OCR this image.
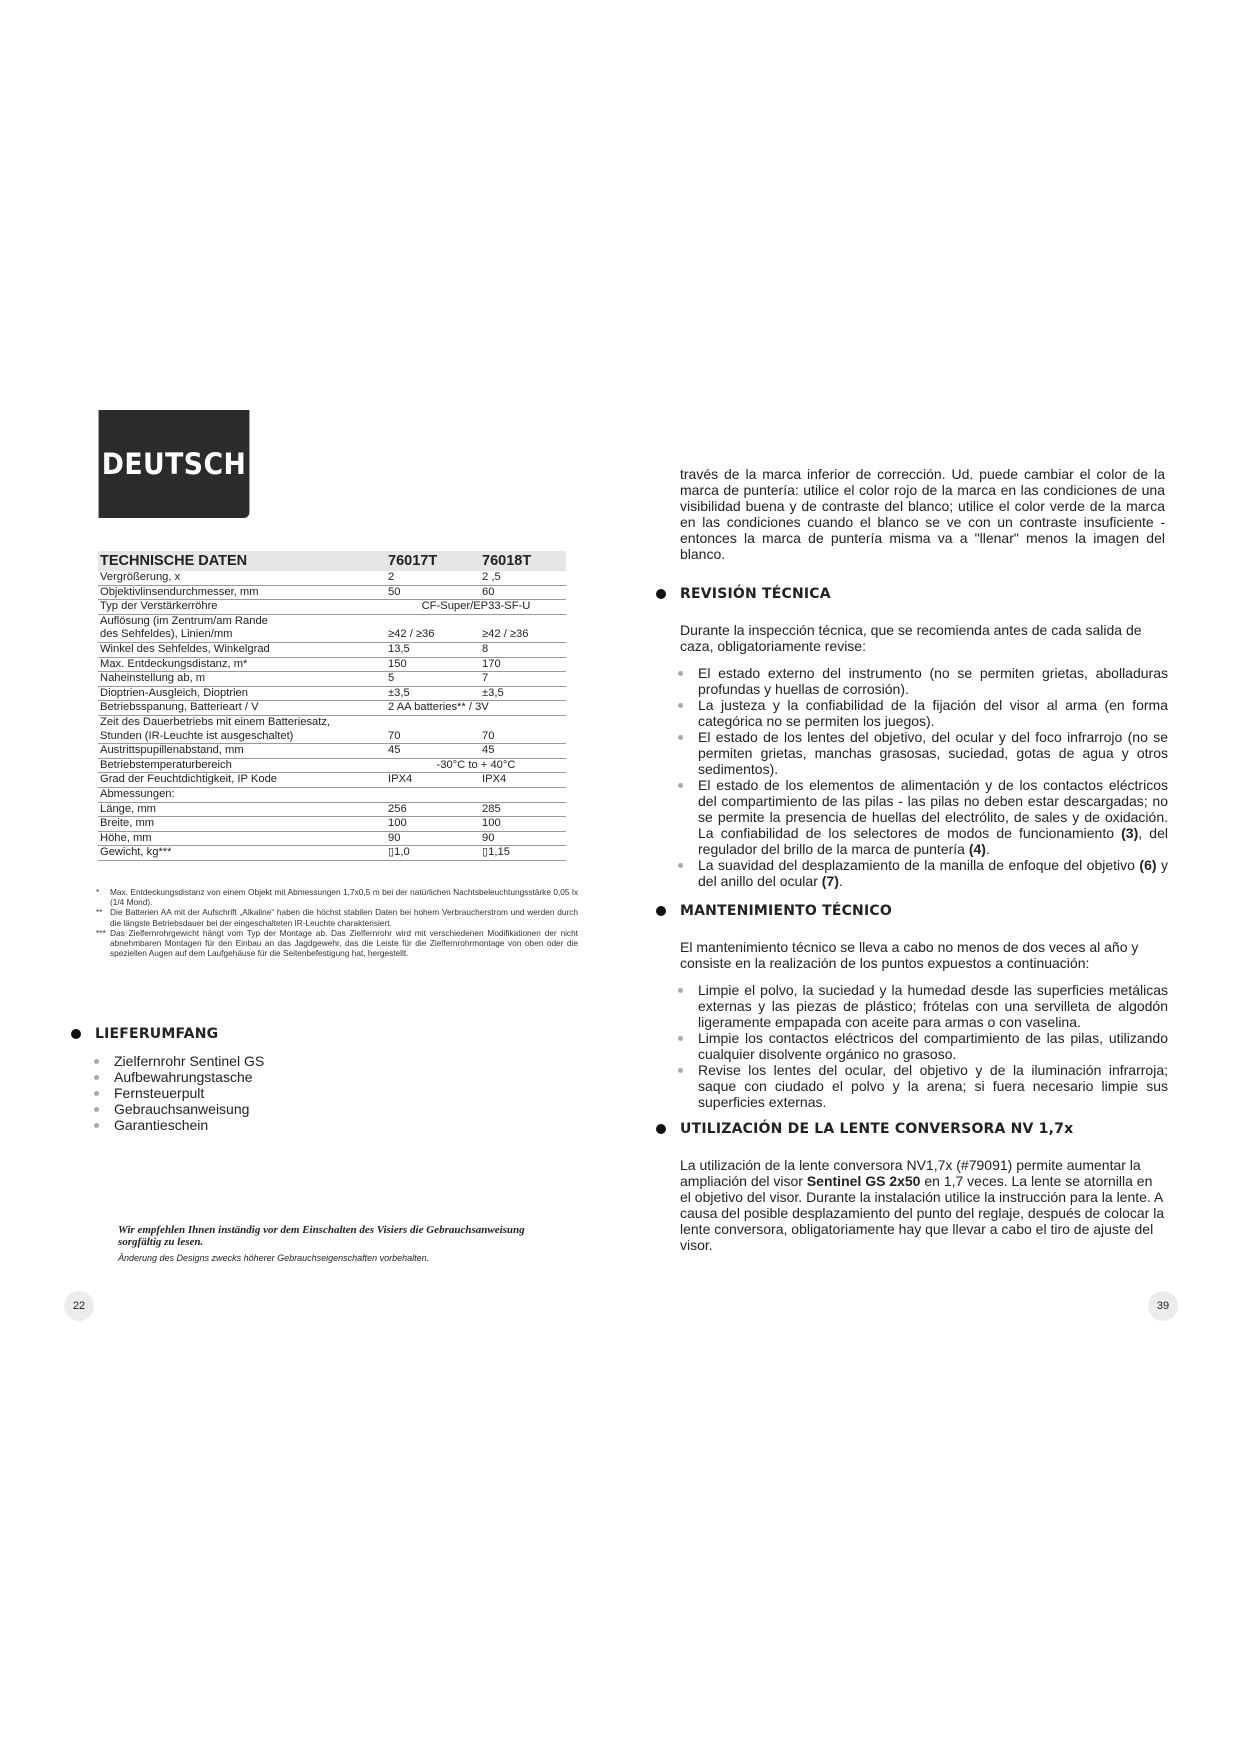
DEUTSCH
TECHNISCHE DATEN	76017T	76018T
Vergrößerung, x	2	2 ,5
Objektivlinsendurchmesser, mm	50	60
Typ der Verstärkerröhre	CF-Super/EP33-SF-U	
Auflösung (im Zentrum/am Rande		
des Sehfeldes), Linien/mm	≥42 / ≥36	≥42 / ≥36
Winkel des Sehfeldes, Winkelgrad	13,5	8
Max. Entdeckungsdistanz, m*	150	170
Naheinstellung ab, m	5	7
Dioptrien-Ausgleich, Dioptrien	±3,5	±3,5
Betriebsspanung, Batterieart / V	2 AA batteries** / 3V	
Zeit des Dauerbetriebs mit einem Batteriesatz,		
Stunden (IR-Leuchte ist ausgeschaltet)	70	70
Austrittspupillenabstand, mm	45	45
Betriebstemperaturbereich	-30°C to + 40°C	
Grad der Feuchtdichtigkeit, IP Kode	IPX4	IPX4
Abmessungen:		
Länge, mm	256	285
Breite, mm	100	100
Höhe, mm	90	90
Gewicht, kg***	▯1,0	▯1,15
* Max. Entdeckungsdistanz von einem Objekt mit Abmessungen 1,7x0,5 m bei der natürlichen Nachtsbeleuchtungsstärke 0,05 lx (1/4 Mond).
** Die Batterien AA mit der Aufschrift „Alkaline“ haben die höchst stabilen Daten bei hohem Verbraucherstrom und werden durch die längste Betriebsdauer bei der eingeschalteten IR-Leuchte charakterisiert.
*** Das Zielfernrohrgewicht hängt vom Typ der Montage ab. Das Zielfernrohr wird mit verschiedenen Modifikationen der nicht abnehmbaren Montagen für den Einbau an das Jagdgewehr, das die Leiste für die Zielfernrohrmontage von oben oder die speziellen Augen auf dem Laufgehäuse für die Seitenbefestigung hat, hergestellt.
LIEFERUMFANG
Zielfernrohr Sentinel GS
Aufbewahrungstasche
Fernsteuerpult
Gebrauchsanweisung
Garantieschein
Wir empfehlen Ihnen inständig vor dem Einschalten des Visiers die Gebrauchsanweisung sorgfältig zu lesen.
Änderung des Designs zwecks höherer Gebrauchseigenschaften vorbehalten.
22
través de la marca inferior de corrección. Ud. puede cambiar el color de la marca de puntería: utilice el color rojo de la marca en las condiciones de una visibilidad buena y de contraste del blanco; utilice el color verde de la marca en las condiciones cuando el blanco se ve con un contraste insuficiente - entonces la marca de puntería misma va a "llenar" menos la imagen del blanco.
REVISIÓN TÉCNICA
Durante la inspección técnica, que se recomienda antes de cada salida de caza, obligatoriamente revise:
El estado externo del instrumento (no se permiten grietas, abolladuras profundas y huellas de corrosión).
La justeza y la confiabilidad de la fijación del visor al arma (en forma categórica no se permiten los juegos).
El estado de los lentes del objetivo, del ocular y del foco infrarrojo (no se permiten grietas, manchas grasosas, suciedad, gotas de agua y otros sedimentos).
El estado de los elementos de alimentación y de los contactos eléctricos del compartimiento de las pilas - las pilas no deben estar descargadas; no se permite la presencia de huellas del electrólito, de sales y de oxidación. La confiabilidad de los selectores de modos de funcionamiento (3), del regulador del brillo de la marca de puntería (4).
La suavidad del desplazamiento de la manilla de enfoque del objetivo (6) y del anillo del ocular (7).
MANTENIMIENTO TÉCNICO
El mantenimiento técnico se lleva a cabo no menos de dos veces al año y consiste en la realización de los puntos expuestos a continuación:
Limpie el polvo, la suciedad y la humedad desde las superficies metálicas externas y las piezas de plástico; frótelas con una servilleta de algodón ligeramente empapada con aceite para armas o con vaselina.
Limpie los contactos eléctricos del compartimiento de las pilas, utilizando cualquier disolvente orgánico no grasoso.
Revise los lentes del ocular, del objetivo y de la iluminación infrarroja; saque con ciudado el polvo y la arena; si fuera necesario limpie sus superficies externas.
UTILIZACIÓN DE LA LENTE CONVERSORA NV 1,7x
La utilización de la lente conversora NV1,7x (#79091) permite aumentar la ampliación del visor Sentinel GS 2x50 en 1,7 veces. La lente se atornilla en el objetivo del visor. Durante la instalación utilice la instrucción para la lente. A causa del posible desplazamiento del punto del reglaje, después de colocar la lente conversora, obligatoriamente hay que llevar a cabo el tiro de ajuste del visor.
39
